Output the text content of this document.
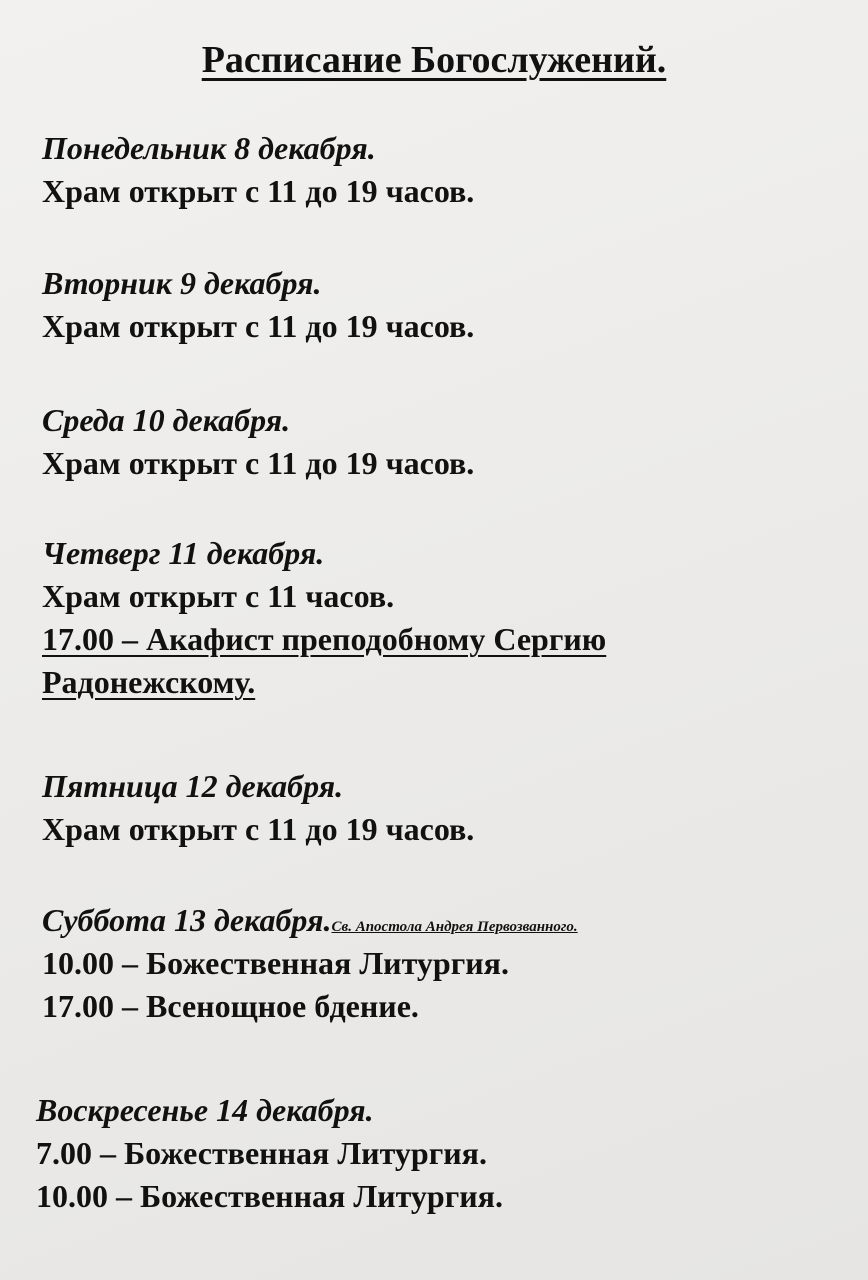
Расписание Богослужений.
Понедельник 8 декабря.
Храм открыт с 11 до 19 часов.
Вторник 9 декабря.
Храм открыт с 11 до 19 часов.
Среда 10 декабря.
Храм открыт с 11 до 19 часов.
Четверг 11 декабря.
Храм открыт с 11 часов.
17.00 – Акафист преподобному Сергию
Радонежскому.
Пятница 12 декабря.
Храм открыт с 11 до 19 часов.
Суббота 13 декабря.Св. Апостола Андрея Первозванного.
10.00 – Божественная Литургия.
17.00 – Всенощное бдение.
Воскресенье 14 декабря.
7.00 – Божественная Литургия.
10.00 – Божественная Литургия.
